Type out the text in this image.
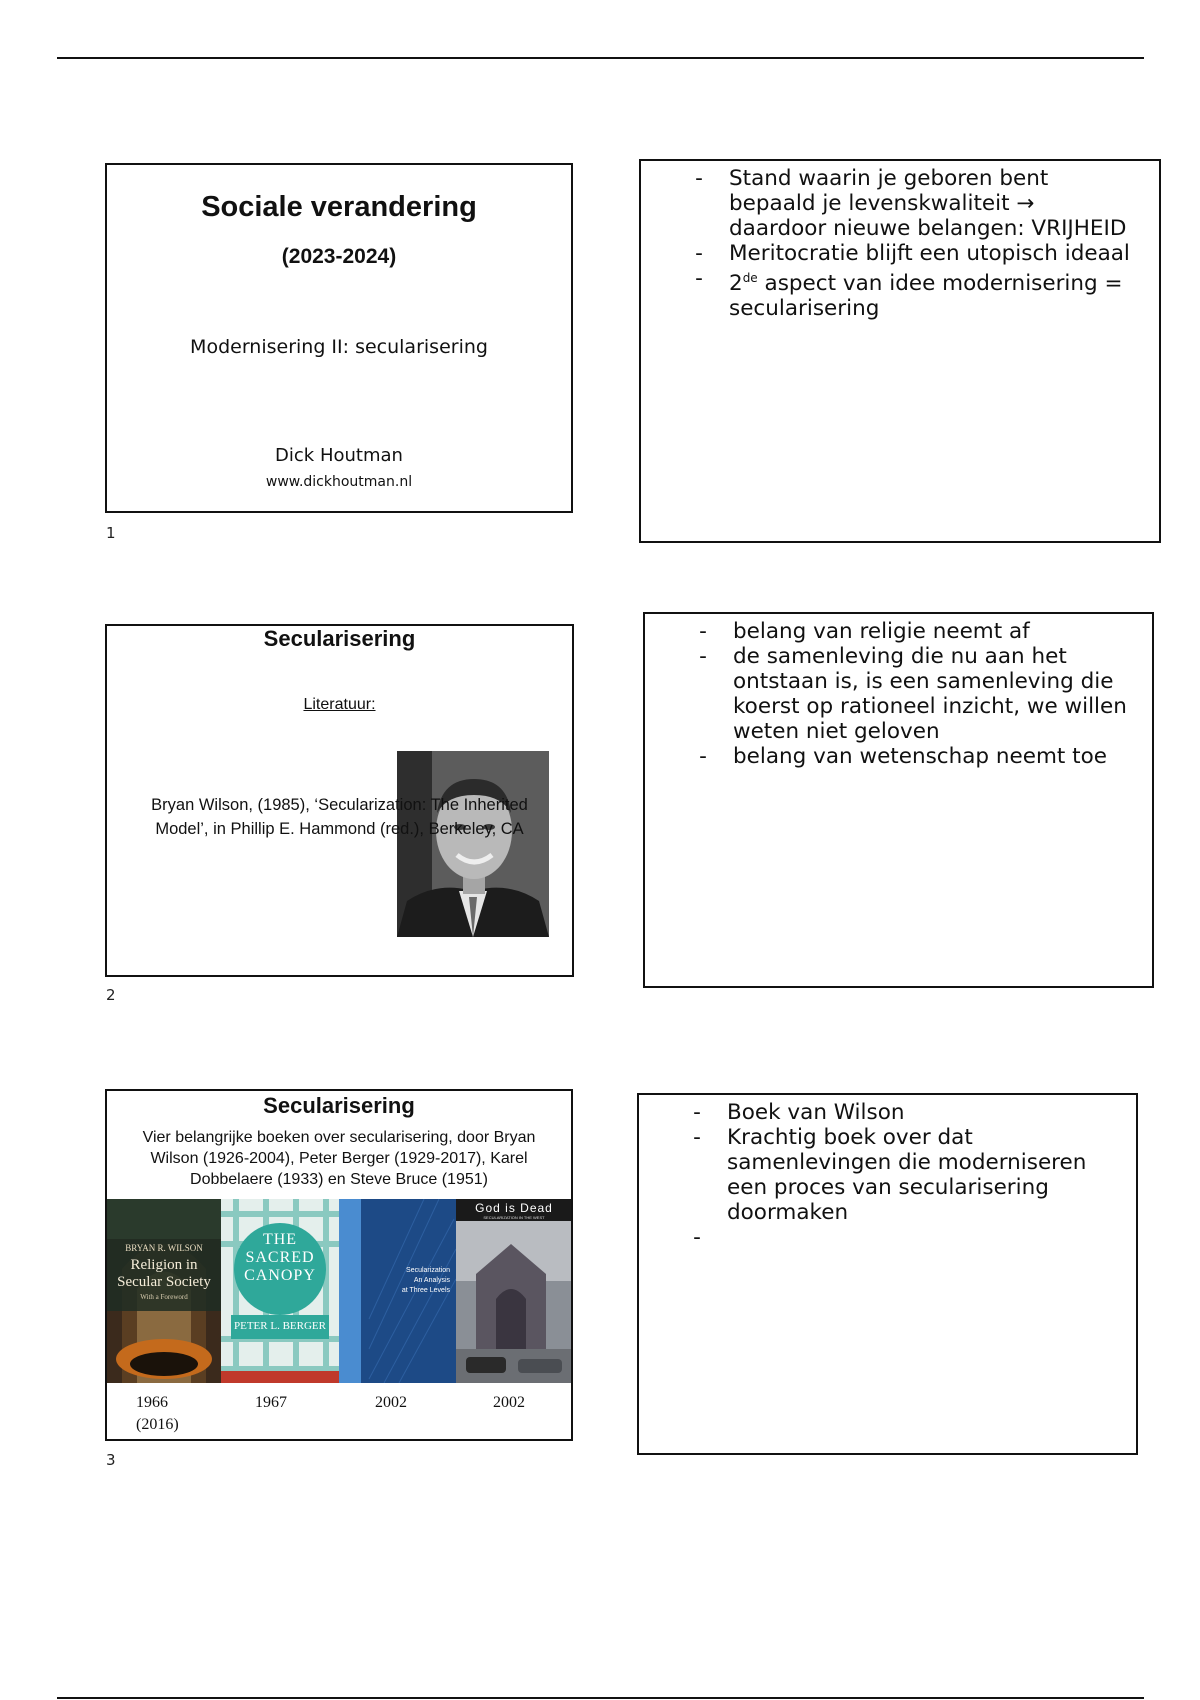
Sociale verandering
(2023-2024)
Modernisering II: secularisering
Dick Houtman
www.dickhoutman.nl
1
- Stand waarin je geboren bent
bepaald je levenskwaliteit →
daardoor nieuwe belangen: VRIJHEID
- Meritocratie blijft een utopisch ideaal
- 2de aspect van idee modernisering =
secularisering
Secularisering
Literatuur:
Bryan Wilson, (1985), ‘Secularization: The Inherited
Model’, in Phillip E. Hammond (red.), Berkeley, CA
2
- belang van religie neemt af
- de samenleving die nu aan het
ontstaan is, is een samenleving die
koerst op rationeel inzicht, we willen
weten niet geloven
- belang van wetenschap neemt toe
Secularisering
Vier belangrijke boeken over secularisering, door Bryan
Wilson (1926-2004), Peter Berger (1929-2017), Karel
Dobbelaere (1933) en Steve Bruce (1951)
BRYAN R. WILSON
Religion in
Secular Society
With a Foreword
THE
SACRED
CANOPY
PETER L. BERGER
Secularization
An Analysis
at Three Levels
God is Dead
SECULARIZATION IN THE WEST
1966
(2016)
1967	2002	2002
3
- Boek van Wilson
- Krachtig boek over dat
samenlevingen die moderniseren
een proces van secularisering
doormaken
-
